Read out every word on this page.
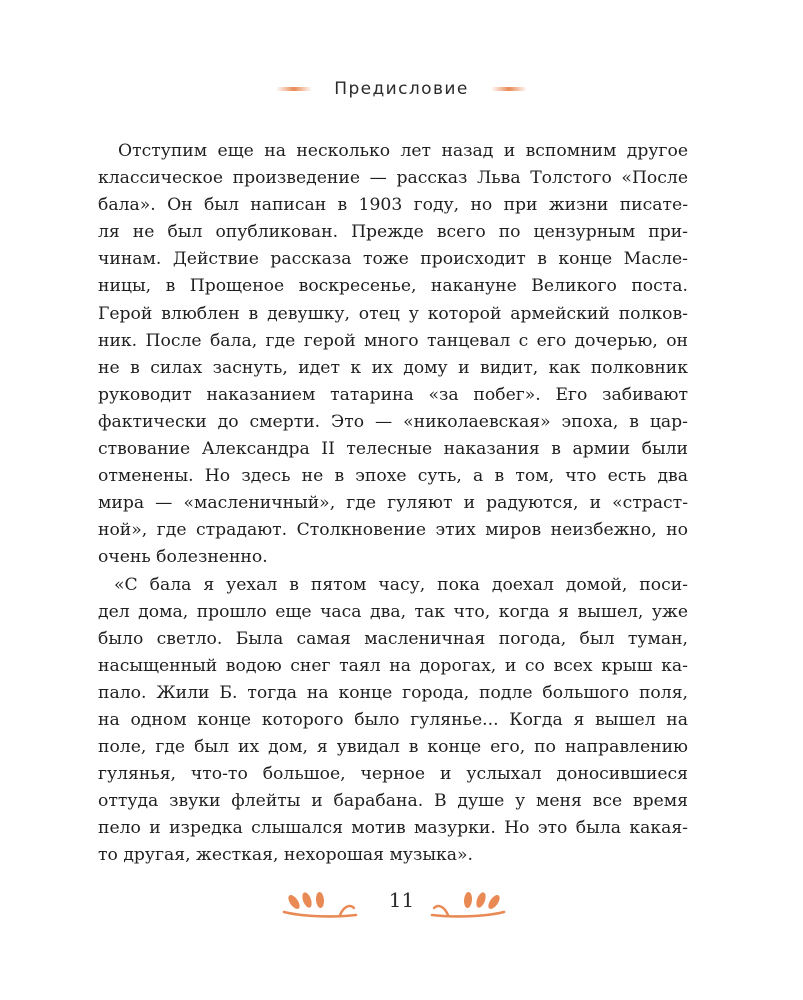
Предисловие
Отступим еще на несколько лет назад и вспомним другое
классическое произведение — рассказ Льва Толстого «После
бала». Он был написан в 1903 году, но при жизни писате-
ля не был опубликован. Прежде всего по цензурным при-
чинам. Действие рассказа тоже происходит в конце Масле-
ницы, в Прощеное воскресенье, накануне Великого поста.
Герой влюблен в девушку, отец у которой армейский полков-
ник. После бала, где герой много танцевал с его дочерью, он
не в силах заснуть, идет к их дому и видит, как полковник
руководит наказанием татарина «за побег». Его забивают
фактически до смерти. Это — «николаевская» эпоха, в цар-
ствование Александра II телесные наказания в армии были
отменены. Но здесь не в эпохе суть, а в том, что есть два
мира — «масленичный», где гуляют и радуются, и «страст-
ной», где страдают. Столкновение этих миров неизбежно, но
очень болезненно.
«С бала я уехал в пятом часу, пока доехал домой, поси-
дел дома, прошло еще часа два, так что, когда я вышел, уже
было светло. Была самая масленичная погода, был туман,
насыщенный водою снег таял на дорогах, и со всех крыш ка-
пало. Жили Б. тогда на конце города, подле большого поля,
на одном конце которого было гулянье... Когда я вышел на
поле, где был их дом, я увидал в конце его, по направлению
гулянья, что-то большое, черное и услыхал доносившиеся
оттуда звуки флейты и барабана. В душе у меня все время
пело и изредка слышался мотив мазурки. Но это была какая-
то другая, жесткая, нехорошая музыка».
11
